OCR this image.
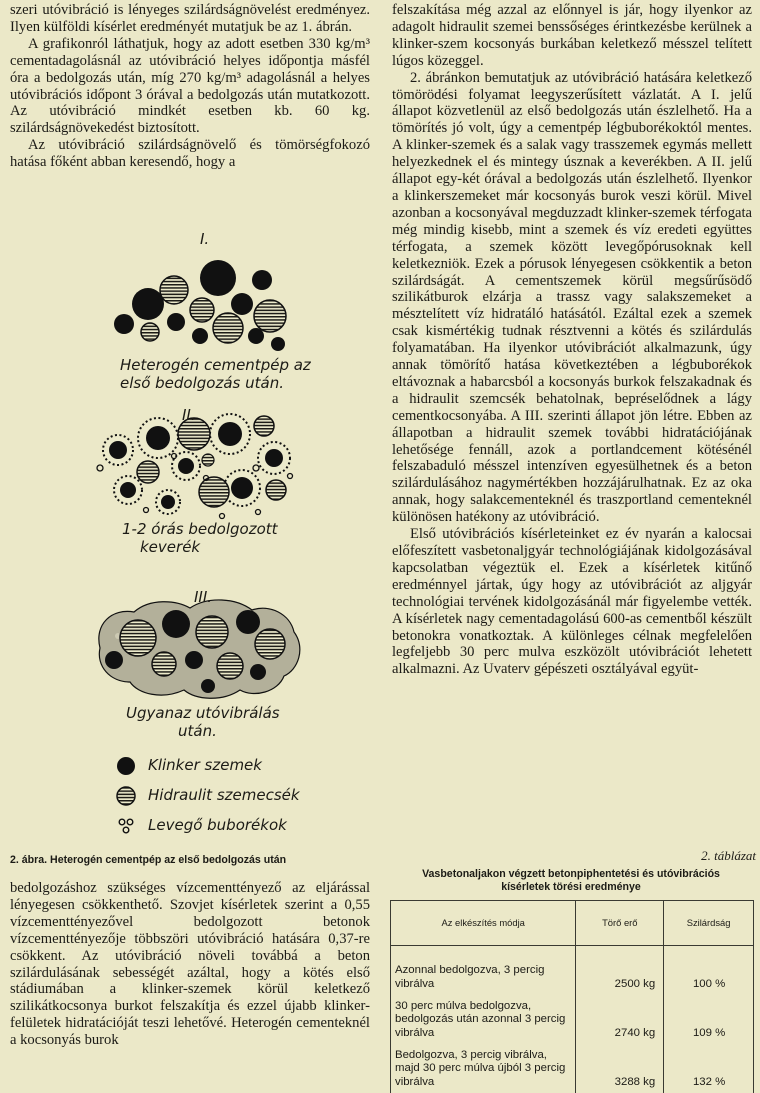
szeri utóvibráció is lényeges szilárdságnövelést eredményez. Ilyen külföldi kísérlet eredményét mutatjuk be az 1. ábrán.

A grafikonról láthatjuk, hogy az adott esetben 330 kg/m³ cementadagolásnál az utóvibráció helyes időpontja másfél óra a bedolgozás után, míg 270 kg/m³ adagolásnál a helyes utóvibrációs időpont 3 órával a bedolgozás után mutatkozott. Az utóvibráció mindkét esetben kb. 60 kg. szilárdságnövekedést biztosított.

Az utóvibráció szilárdságnövelő és tömörségfokozó hatása főként abban keresendő, hogy a

I.
Heterogén cementpép az
első bedolgozás után.
II.
1-2 órás bedolgozott
keverék
III.
Ugyanaz utóvibrálás
után.
Klinker szemek
Hidraulit szemecsék
Levegő buborékok
2. ábra. Heterogén cementpép az első bedolgozás után

bedolgozáshoz szükséges vízcementtényező az eljárással lényegesen csökkenthető. Szovjet kísérletek szerint a 0,55 vízcementtényezővel bedolgozott betonok vízcementtényezője többszöri utóvibráció hatására 0,37-re csökkent. Az utóvibráció növeli továbbá a beton szilárdulásának sebességét azáltal, hogy a kötés első stádiumában a klinker-szemek körül keletkező szilikátkocsonya burkot felszakítja és ezzel újabb klinker-felületek hidratációját teszi lehetővé. Heterogén cementeknél a kocsonyás burok

felszakítása még azzal az előnnyel is jár, hogy ilyenkor az adagolt hidraulit szemei benssőséges érintkezésbe kerülnek a klinker-szem kocsonyás burkában keletkező mésszel telített lúgos közeggel.

2. ábránkon bemutatjuk az utóvibráció hatására keletkező tömörödési folyamat leegyszerűsített vázlatát. A I. jelű állapot közvetlenül az első bedolgozás után észlelhető. Ha a tömörítés jó volt, úgy a cementpép légbuborékoktól mentes. A klinker-szemek és a salak vagy trasszemek egymás mellett helyezkednek el és mintegy úsznak a keverékben. A II. jelű állapot egy-két órával a bedolgozás után észlelhető. Ilyenkor a klinkerszemeket már kocsonyás burok veszi körül. Mivel azonban a kocsonyával megduzzadt klinker-szemek térfogata még mindig kisebb, mint a szemek és víz eredeti együttes térfogata, a szemek között levegőpórusoknak kell keletkezniök. Ezek a pórusok lényegesen csökkentik a beton szilárdságát. A cementszemek körül megsűrűsödő szilikátburok elzárja a trassz vagy salakszemeket a mésztelített víz hidratáló hatásától. Ezáltal ezek a szemek csak kismértékig tudnak résztvenni a kötés és szilárdulás folyamatában. Ha ilyenkor utóvibrációt alkalmazunk, úgy annak tömörítő hatása következtében a légbuborékok eltávoznak a habarcsból a kocsonyás burkok felszakadnak és a hidraulit szemcsék behatolnak, bepréselődnek a lágy cementkocsonyába. A III. szerinti állapot jön létre. Ebben az állapotban a hidraulit szemek további hidratációjának lehetősége fennáll, azok a portlandcement kötésénél felszabaduló mésszel intenzíven egyesülhetnek és a beton szilárdulásához nagymértékben hozzájárulhatnak. Ez az oka annak, hogy salakcementeknél és traszportland cementeknél különösen hatékony az utóvibráció.

Első utóvibrációs kísérleteinket ez év nyarán a kalocsai előfeszített vasbetonaljgyár technológiájának kidolgozásával kapcsolatban végeztük el. Ezek a kísérletek kitűnő eredménnyel jártak, úgy hogy az utóvibrációt az aljgyár technológiai tervének kidolgozásánál már figyelembe vették. A kísérletek nagy cementadagolású 600-as cementből készült betonokra vonatkoztak. A különleges célnak megfelelően legfeljebb 30 perc mulva eszközölt utóvibrációt lehetett alkalmazni. Az Uvaterv gépészeti osztályával együt-

2. táblázat
Vasbetonaljakon végzett betonpiphentetési és utóvibrációs
kísérletek törési eredménye
Az elkészítés módja	Törő erő	Szilárdság
Azonnal bedolgozva, 3 percig vibrálva	2500 kg	100 %
30 perc múlva bedolgozva, bedolgozás után azonnal 3 percig vibrálva	2740 kg	109 %
Bedolgozva, 3 percig vibrálva, majd 30 perc múlva újból 3 percig vibrálva	3288 kg	132 %
